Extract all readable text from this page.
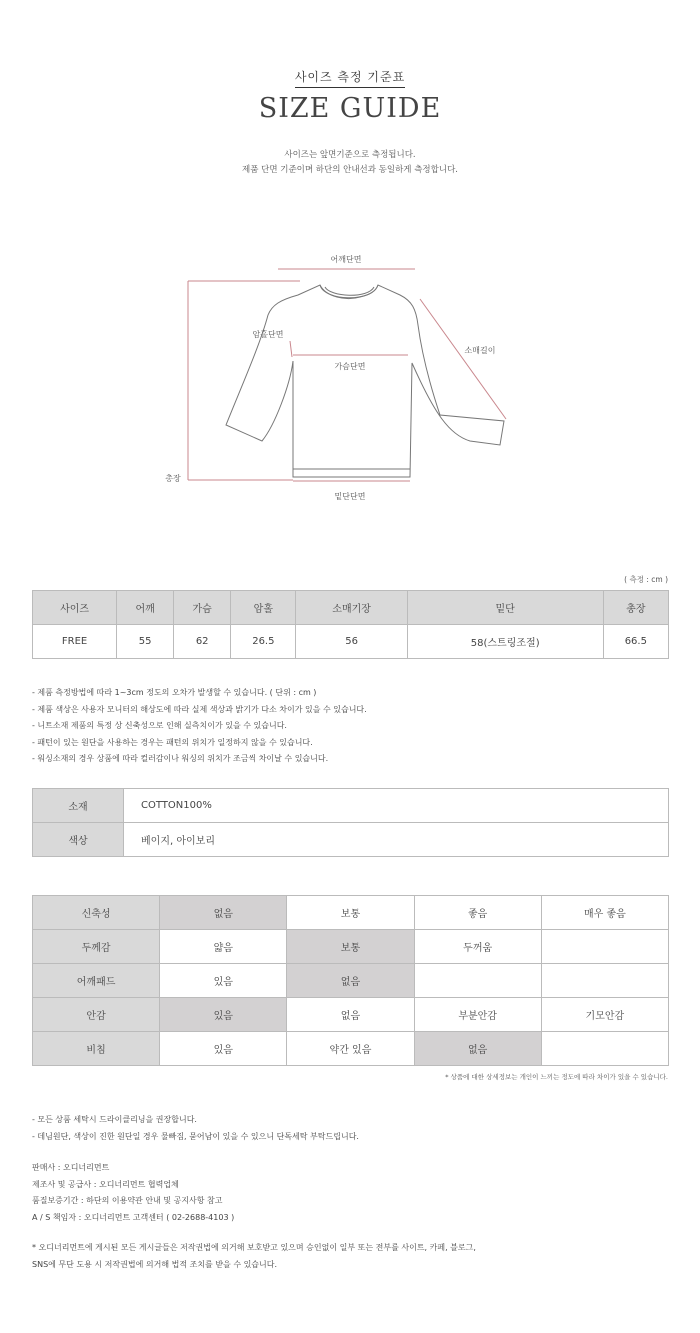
사이즈 측정 기준표
SIZE GUIDE
사이즈는 앞면기준으로 측정됩니다.
제품 단면 기준이며 하단의 안내선과 동일하게 측정합니다.
어깨단면
암홀단면
소매길이
가슴단면
총장
밑단단면
( 측정 : cm )
사이즈	어깨	가슴	암홀	소매기장	밑단	총장
FREE	55	62	26.5	56	58(스트링조절)	66.5
- 제품 측정방법에 따라 1~3cm 정도의 오차가 발생할 수 있습니다. ( 단위 : cm )
- 제품 색상은 사용자 모니터의 해상도에 따라 실제 색상과 밝기가 다소 차이가 있을 수 있습니다.
- 니트소재 제품의 특정 상 신축성으로 인해 실측치이가 있을 수 있습니다.
- 패턴이 있는 원단을 사용하는 경우는 패턴의 위치가 일정하지 않을 수 있습니다.
- 워싱소재의 경우 상품에 따라 컬러감이나 워싱의 위치가 조금씩 차이날 수 있습니다.
소재	COTTON100%
색상	베이지, 아이보리
신축성	없음	보통	좋음	매우 좋음
두께감	얇음	보통	두꺼움	
어깨패드	있음	없음		
안감	있음	없음	부분안감	기모안감
비침	있음	약간 있음	없음	
* 상품에 대한 상세정보는 개인이 느끼는 정도에 따라 차이가 있을 수 있습니다.
- 모든 상품 세탁시 드라이클리닝을 권장합니다.
- 데님원단, 색상이 진한 원단일 경우 물빠짐, 묻어남이 있을 수 있으니 단독세탁 부탁드립니다.
판매사 : 오디너리먼트
제조사 및 공급사 : 오디너리먼트 협력업체
품질보증기간 : 하단의 이용약관 안내 및 공지사항 참고
A / S 책임자 : 오디너리먼트 고객센터 ( 02-2688-4103 )
* 오디너리먼트에 게시된 모든 게시글들은 저작권법에 의거해 보호받고 있으며 승인없이 일부 또는 전부를 사이트, 카페, 블로그,
SNS에 무단 도용 시 저작권법에 의거해 법적 조치를 받을 수 있습니다.
